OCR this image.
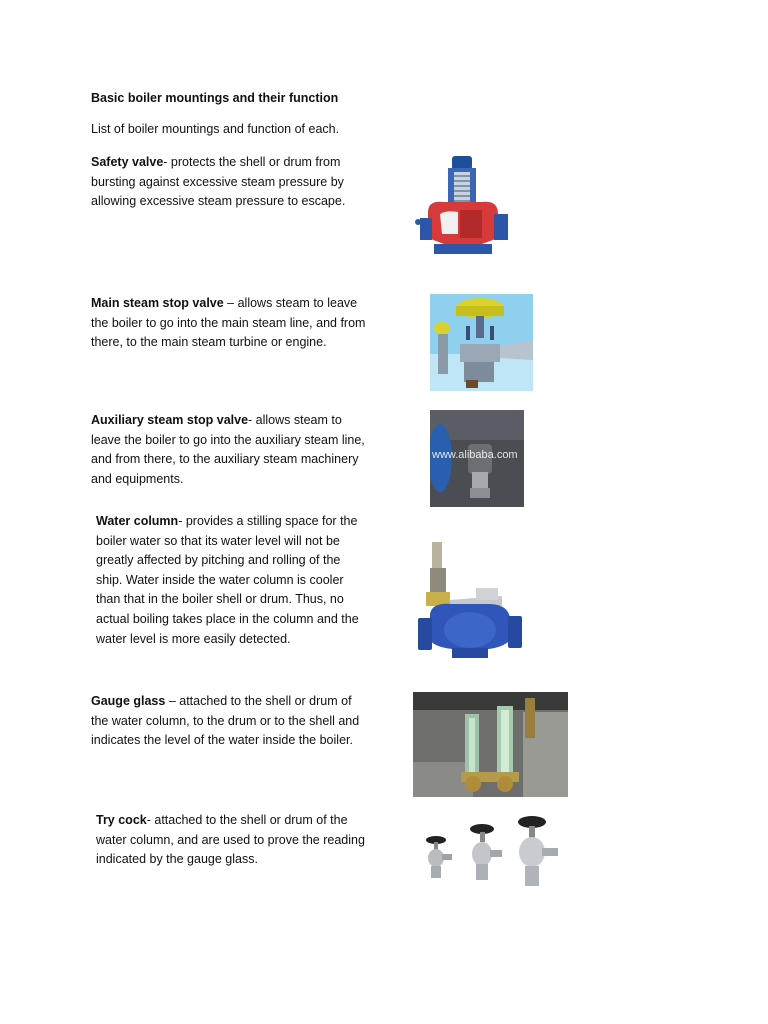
Basic boiler mountings and their function
List of boiler mountings and function of each.
Safety valve- protects the shell or drum from bursting against excessive steam pressure by allowing excessive steam pressure to escape.
Main steam stop valve – allows steam to leave the boiler to go into the main steam line, and from there, to the main steam turbine or engine.
Auxiliary steam stop valve- allows steam to leave the boiler to go into the auxiliary steam line, and from there, to the auxiliary steam machinery and equipments.
www.alibaba.com
Water column- provides a stilling space for the boiler water so that its water level will not be greatly affected by pitching and rolling of the ship. Water inside the water column is cooler than that in the boiler shell or drum. Thus, no actual boiling takes place in the column and the water level is more easily detected.
Gauge glass – attached to the shell or drum of the water column, to the drum or to the shell and indicates the level of the water inside the boiler.
Try cock- attached to the shell or drum of the water column, and are used to prove the reading indicated by the gauge glass.
